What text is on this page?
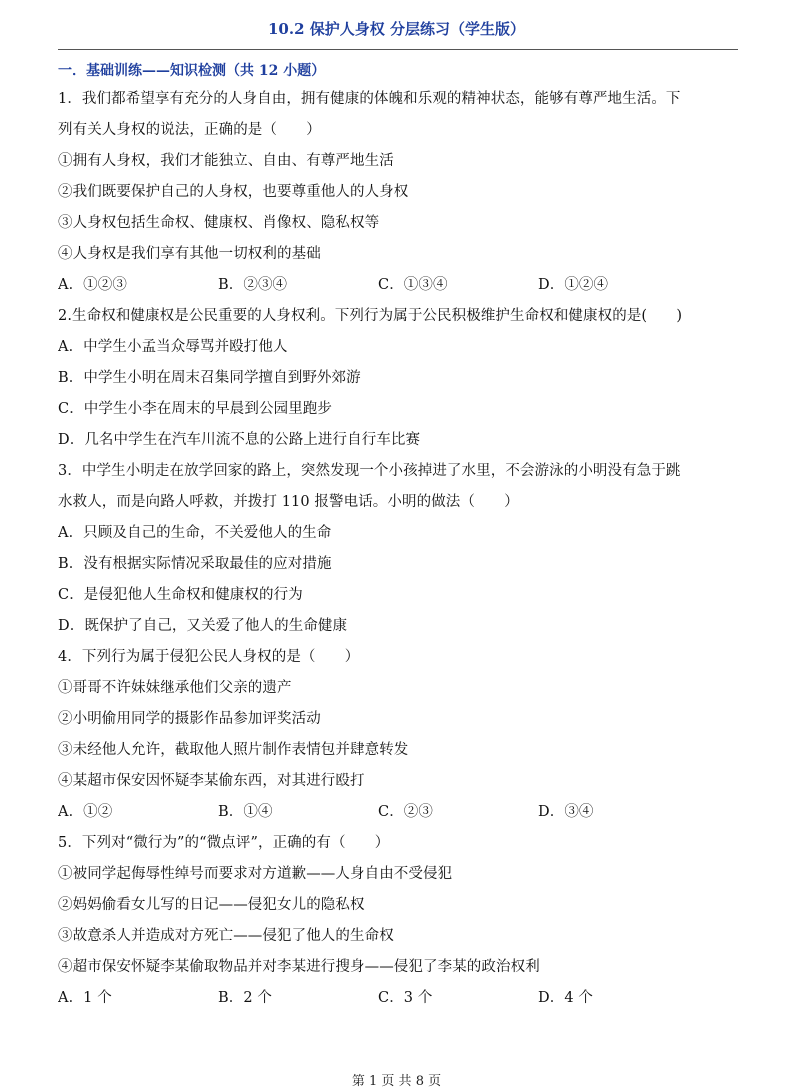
10.2 保护人身权 分层练习（学生版）
一．基础训练——知识检测（共 12 小题）
1．我们都希望享有充分的人身自由，拥有健康的体魄和乐观的精神状态，能够有尊严地生活。下
列有关人身权的说法，正确的是（　　）
①拥有人身权，我们才能独立、自由、有尊严地生活
②我们既要保护自己的人身权，也要尊重他人的人身权
③人身权包括生命权、健康权、肖像权、隐私权等
④人身权是我们享有其他一切权利的基础
A．①②③	B．②③④	C．①③④	D．①②④
2.生命权和健康权是公民重要的人身权利。下列行为属于公民积极维护生命权和健康权的是(　　)
A．中学生小孟当众辱骂并殴打他人
B．中学生小明在周末召集同学擅自到野外郊游
C．中学生小李在周末的早晨到公园里跑步
D．几名中学生在汽车川流不息的公路上进行自行车比赛
3．中学生小明走在放学回家的路上，突然发现一个小孩掉进了水里，不会游泳的小明没有急于跳
水救人，而是向路人呼救，并拨打 110 报警电话。小明的做法（　　）
A．只顾及自己的生命，不关爱他人的生命
B．没有根据实际情况采取最佳的应对措施
C．是侵犯他人生命权和健康权的行为
D．既保护了自己，又关爱了他人的生命健康
4．下列行为属于侵犯公民人身权的是（　　）
①哥哥不许妹妹继承他们父亲的遗产
②小明偷用同学的摄影作品参加评奖活动
③未经他人允许，截取他人照片制作表情包并肆意转发
④某超市保安因怀疑李某偷东西，对其进行殴打
A．①②	B．①④	C．②③	D．③④
5．下列对“微行为”的“微点评”，正确的有（　　）
①被同学起侮辱性绰号而要求对方道歉——人身自由不受侵犯
②妈妈偷看女儿写的日记——侵犯女儿的隐私权
③故意杀人并造成对方死亡——侵犯了他人的生命权
④超市保安怀疑李某偷取物品并对李某进行搜身——侵犯了李某的政治权利
A．1 个	B．2 个	C．3 个	D．4 个
第 1 页 共 8 页
